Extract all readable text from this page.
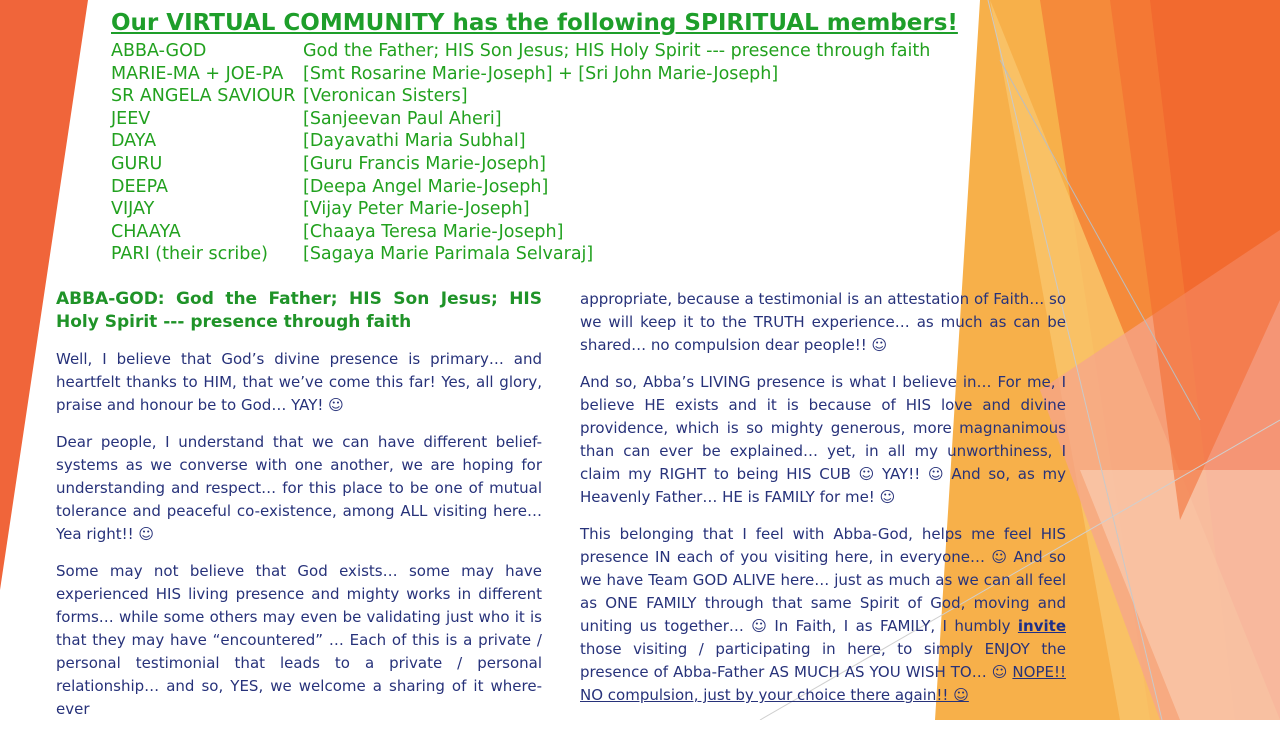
Our VIRTUAL COMMUNITY has the following SPIRITUAL members!
ABBA-GOD	God the Father; HIS Son Jesus; HIS Holy Spirit --- presence through faith
MARIE-MA + JOE-PA	[Smt Rosarine Marie-Joseph] + [Sri John Marie-Joseph]
SR ANGELA SAVIOUR [Veronican Sisters]
JEEV	[Sanjeevan Paul Aheri]
DAYA	[Dayavathi Maria Subhal]
GURU	[Guru Francis Marie-Joseph]
DEEPA	[Deepa Angel Marie-Joseph]
VIJAY	[Vijay Peter Marie-Joseph]
CHAAYA	[Chaaya Teresa Marie-Joseph]
PARI (their scribe)	[Sagaya Marie Parimala Selvaraj]
ABBA-GOD: God the Father; HIS Son Jesus; HIS Holy Spirit --- presence through faith

Well, I believe that God’s divine presence is primary… and heartfelt thanks to HIM, that we’ve come this far! Yes, all glory, praise and honour be to God… YAY! ☺

Dear people, I understand that we can have different belief-systems as we converse with one another, we are hoping for understanding and respect… for this place to be one of mutual tolerance and peaceful co-existence, among ALL visiting here… Yea right!! ☺

Some may not believe that God exists… some may have experienced HIS living presence and mighty works in different forms… while some others may even be validating just who it is that they may have “encountered” … Each of this is a private / personal testimonial that leads to a private / personal relationship… and so, YES, we welcome a sharing of it where-ever

appropriate, because a testimonial is an attestation of Faith… so we will keep it to the TRUTH experience… as much as can be shared… no compulsion dear people!! ☺

And so, Abba’s LIVING presence is what I believe in… For me, I believe HE exists and it is because of HIS love and divine providence, which is so mighty generous, more magnanimous than can ever be explained… yet, in all my unworthiness, I claim my RIGHT to being HIS CUB ☺ YAY!! ☺ And so, as my Heavenly Father… HE is FAMILY for me! ☺

This belonging that I feel with Abba-God, helps me feel HIS presence IN each of you visiting here, in everyone… ☺ And so we have Team GOD ALIVE here… just as much as we can all feel as ONE FAMILY through that same Spirit of God, moving and uniting us together… ☺ In Faith, I as FAMILY, I humbly invite those visiting / participating in here, to simply ENJOY the presence of Abba-Father AS MUCH AS YOU WISH TO… ☺ NOPE!! NO compulsion, just by your choice there again!! ☺
